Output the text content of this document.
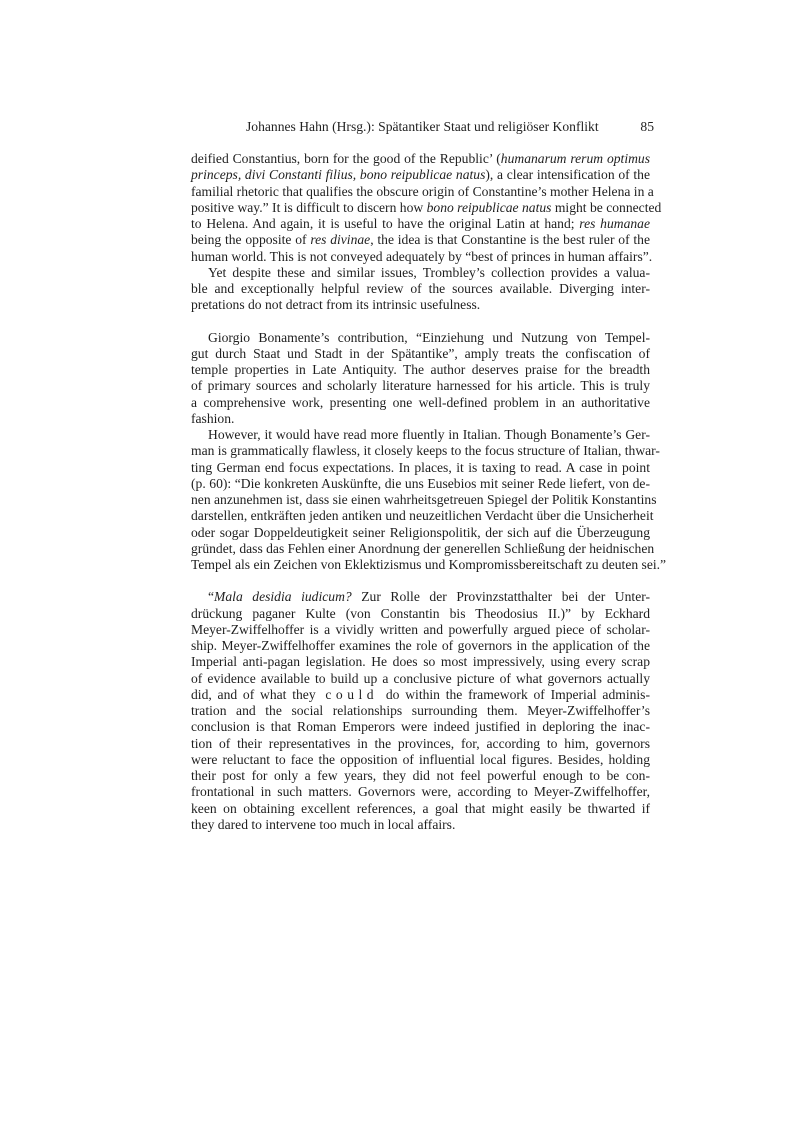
Johannes Hahn (Hrsg.): Spätantiker Staat und religiöser Konflikt	85
deified Constantius, born for the good of the Republic’ (humanarum rerum optimus
princeps, divi Constanti filius, bono reipublicae natus), a clear intensification of the
familial rhetoric that qualifies the obscure origin of Constantine’s mother Helena in a
positive way.” It is difficult to discern how bono reipublicae natus might be connected
to Helena. And again, it is useful to have the original Latin at hand; res humanae
being the opposite of res divinae, the idea is that Constantine is the best ruler of the
human world. This is not conveyed adequately by “best of princes in human affairs”.
Yet despite these and similar issues, Trombley’s collection provides a valua-
ble and exceptionally helpful review of the sources available. Diverging inter-
pretations do not detract from its intrinsic usefulness.
Giorgio Bonamente’s contribution, “Einziehung und Nutzung von Tempel-
gut durch Staat und Stadt in der Spätantike”, amply treats the confiscation of
temple properties in Late Antiquity. The author deserves praise for the breadth
of primary sources and scholarly literature harnessed for his article. This is truly
a comprehensive work, presenting one well-defined problem in an authoritative
fashion.
However, it would have read more fluently in Italian. Though Bonamente’s Ger-
man is grammatically flawless, it closely keeps to the focus structure of Italian, thwar-
ting German end focus expectations. In places, it is taxing to read. A case in point
(p. 60): “Die konkreten Auskünfte, die uns Eusebios mit seiner Rede liefert, von de-
nen anzunehmen ist, dass sie einen wahrheitsgetreuen Spiegel der Politik Konstantins
darstellen, entkräften jeden antiken und neuzeitlichen Verdacht über die Unsicherheit
oder sogar Doppeldeutigkeit seiner Religionspolitik, der sich auf die Überzeugung
gründet, dass das Fehlen einer Anordnung der generellen Schließung der heidnischen
Tempel als ein Zeichen von Eklektizismus und Kompromissbereitschaft zu deuten sei.”
“Mala desidia iudicum? Zur Rolle der Provinzstatthalter bei der Unter-
drückung paganer Kulte (von Constantin bis Theodosius II.)” by Eckhard
Meyer-Zwiffelhoffer is a vividly written and powerfully argued piece of scholar-
ship. Meyer-Zwiffelhoffer examines the role of governors in the application of the
Imperial anti-pagan legislation. He does so most impressively, using every scrap
of evidence available to build up a conclusive picture of what governors actually
did, and of what they could do within the framework of Imperial adminis-
tration and the social relationships surrounding them. Meyer-Zwiffelhoffer’s
conclusion is that Roman Emperors were indeed justified in deploring the inac-
tion of their representatives in the provinces, for, according to him, governors
were reluctant to face the opposition of influential local figures. Besides, holding
their post for only a few years, they did not feel powerful enough to be con-
frontational in such matters. Governors were, according to Meyer-Zwiffelhoffer,
keen on obtaining excellent references, a goal that might easily be thwarted if
they dared to intervene too much in local affairs.
